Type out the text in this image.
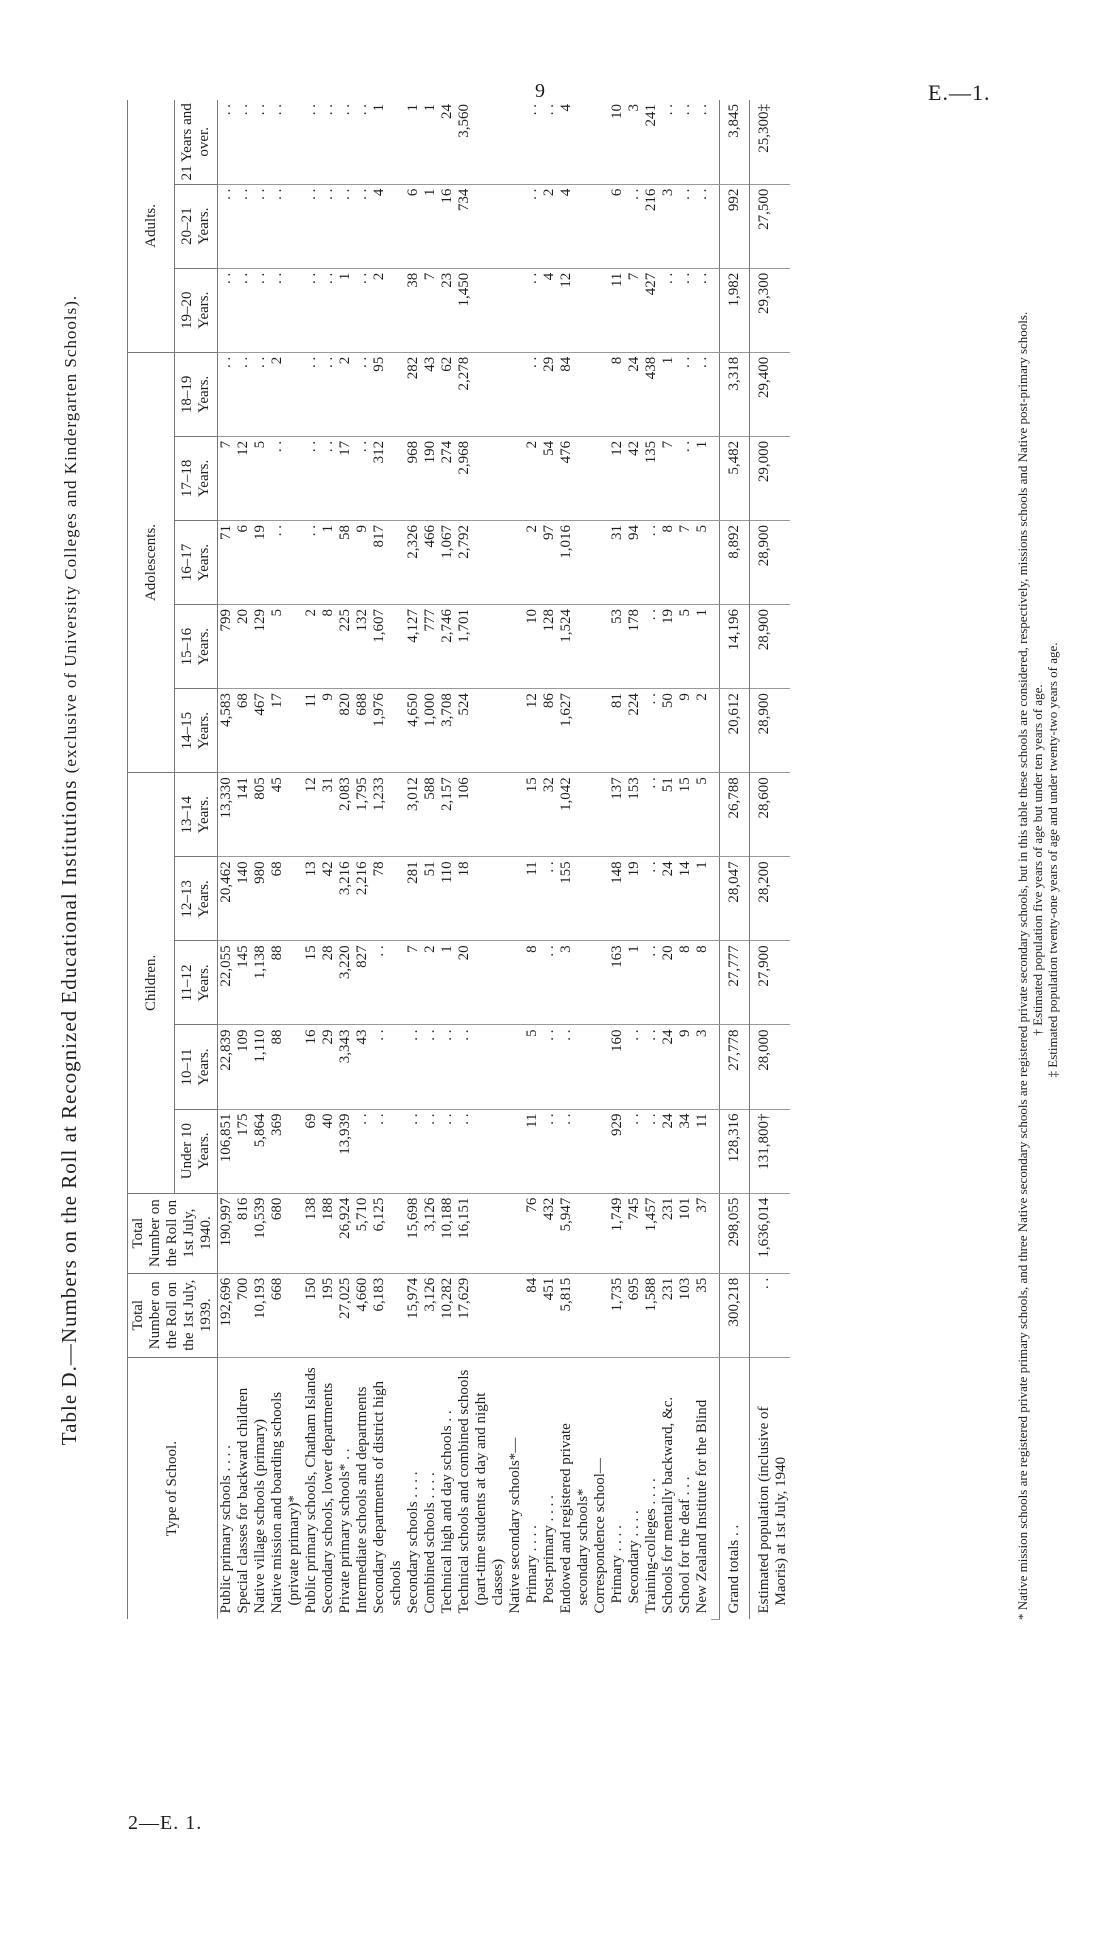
9	E.—1.
2—E. 1.
Table D.—Numbers on the Roll at Recognized Educational Institutions (exclusive of University Colleges and Kindergarten Schools).
Type of School.	Total Number on the Roll on the 1st July, 1939.	Total Number on the Roll on 1st July, 1940.	Children.					Adolescents.					Adults.		
			Under 10 Years.	10–11 Years.	11–12 Years.	12–13 Years.	13–14 Years.	14–15 Years.	15–16 Years.	16–17 Years.	17–18 Years.	18–19 Years.	19–20 Years.	20–21 Years.	21 Years and over.
Public primary schools . . . .	192,696	190,997	106,851	22,839	22,055	20,462	13,330	4,583	799	71	7	. .	. .	. .	. .
Special classes for backward children	700	816	175	109	145	140	141	68	20	6	12	. .	. .	. .	. .
Native village schools (primary)	10,193	10,539	5,864	1,110	1,138	980	805	467	129	19	5	. .	. .	. .	. .
Native mission and boarding schools (private primary)*	668	680	369	88	88	68	45	17	5	. .	. .	2	. .	. .	. .
Public primary schools, Chatham Islands	150	138	69	16	15	13	12	11	2	. .	. .	. .	. .	. .	. .
Secondary schools, lower departments	195	188	40	29	28	42	31	9	8	1	. .	. .	. .	. .	. .
Private primary schools* . .	27,025	26,924	13,939	3,343	3,220	3,216	2,083	820	225	58	17	2	1	. .	. .
Intermediate schools and departments	4,660	5,710	. .	43	827	2,216	1,795	688	132	9	. .	. .	. .	. .	. .
Secondary departments of district high schools	6,183	6,125	. .	. .	. .	78	1,233	1,976	1,607	817	312	95	2	4	1
Secondary schools . . . .	15,974	15,698	. .	. .	7	281	3,012	4,650	4,127	2,326	968	282	38	6	1
Combined schools . . . .	3,126	3,126	. .	. .	2	51	588	1,000	777	466	190	43	7	1	1
Technical high and day schools . .	10,282	10,188	. .	. .	1	110	2,157	3,708	2,746	1,067	274	62	23	16	24
Technical schools and combined schools (part-time students at day and night classes)	17,629	16,151	. .	. .	20	18	106	524	1,701	2,792	2,968	2,278	1,450	734	3,560
Native secondary schools*—															
Primary . . . .	84	76	11	5	8	11	15	12	10	2	2	. .	. .	. .	. .
Post-primary . . . .	451	432	. .	. .	. .	. .	32	86	128	97	54	29	4	2	. .
Endowed and registered private secondary schools*	5,815	5,947	. .	. .	3	155	1,042	1,627	1,524	1,016	476	84	12	4	4
Correspondence school—															
Primary . . . .	1,735	1,749	929	160	163	148	137	81	53	31	12	8	11	6	10
Secondary . . . .	695	745	. .	. .	1	19	153	224	178	94	42	24	7	. .	3
Training-colleges . . . .	1,588	1,457	. .	. .	. .	. .	. .	. .	. .	. .	135	438	427	216	241
Schools for mentally backward, &c.	231	231	24	24	20	24	51	50	19	8	7	1	. .	3	. .
School for the deaf . . .	103	101	34	9	8	14	15	9	5	7	. .	. .	. .	. .	. .
New Zealand Institute for the Blind	35	37	11	3	8	1	5	2	1	5	1	. .	. .	. .	. .

Grand totals . .	300,218	298,055	128,316	27,778	27,777	28,047	26,788	20,612	14,196	8,892	5,482	3,318	1,982	992	3,845
Estimated population (inclusive of Maoris) at 1st July, 1940	. .	1,636,014	131,800†	28,000	27,900	28,200	28,600	28,900	28,900	28,900	29,000	29,400	29,300	27,500	25,300‡
* Native mission schools are registered private primary schools, and three Native secondary schools are registered private secondary schools, but in this table these schools are considered, respectively, missions schools and Native post-primary schools. † Estimated population five years of age but under ten years of age. ‡ Estimated population twenty-one years of age and under twenty-two years of age.
